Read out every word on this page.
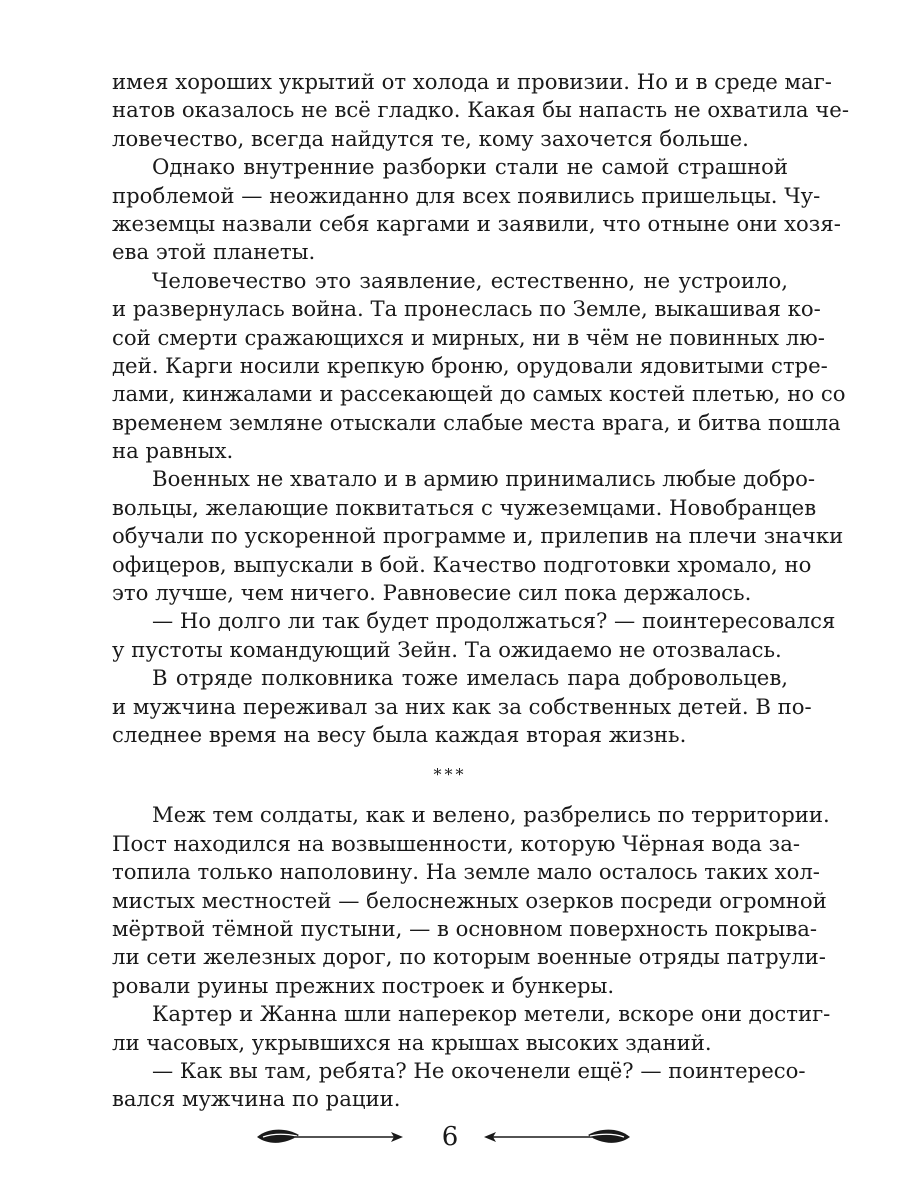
имея хороших укрытий от холода и провизии. Но и в среде маг-
натов оказалось не всё гладко. Какая бы напасть не охватила че-
ловечество, всегда найдутся те, кому захочется больше.
Однако внутренние разборки стали не самой страшной
проблемой — неожиданно для всех появились пришельцы. Чу-
жеземцы назвали себя каргами и заявили, что отныне они хозя-
ева этой планеты.
Человечество это заявление, естественно, не устроило,
и развернулась война. Та пронеслась по Земле, выкашивая ко-
сой смерти сражающихся и мирных, ни в чём не повинных лю-
дей. Карги носили крепкую броню, орудовали ядовитыми стре-
лами, кинжалами и рассекающей до самых костей плетью, но со
временем земляне отыскали слабые места врага, и битва пошла
на равных.
Военных не хватало и в армию принимались любые добро-
вольцы, желающие поквитаться с чужеземцами. Новобранцев
обучали по ускоренной программе и, прилепив на плечи значки
офицеров, выпускали в бой. Качество подготовки хромало, но
это лучше, чем ничего. Равновесие сил пока держалось.
— Но долго ли так будет продолжаться? — поинтересовался
у пустоты командующий Зейн. Та ожидаемо не отозвалась.
В отряде полковника тоже имелась пара добровольцев,
и мужчина переживал за них как за собственных детей. В по-
следнее время на весу была каждая вторая жизнь.
***
Меж тем солдаты, как и велено, разбрелись по территории.
Пост находился на возвышенности, которую Чёрная вода за-
топила только наполовину. На земле мало осталось таких хол-
мистых местностей — белоснежных озерков посреди огромной
мёртвой тёмной пустыни, — в основном поверхность покрыва-
ли сети железных дорог, по которым военные отряды патрули-
ровали руины прежних построек и бункеры.
Картер и Жанна шли наперекор метели, вскоре они достиг-
ли часовых, укрывшихся на крышах высоких зданий.
— Как вы там, ребята? Не окоченели ещё? — поинтересо-
вался мужчина по рации.
6
